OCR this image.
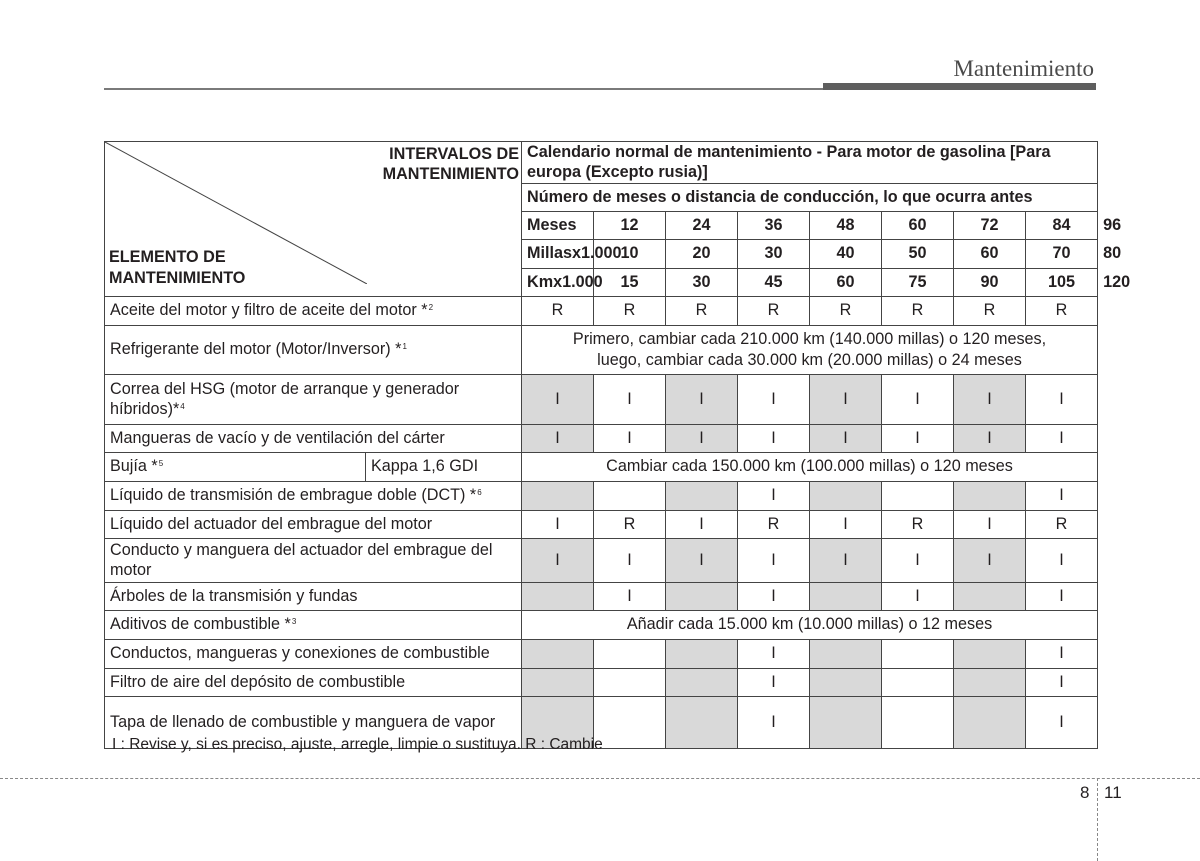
Mantenimiento
INTERVALOS DE MANTENIMIENTO
ELEMENTO DE MANTENIMIENTO		Calendario normal de mantenimiento - Para motor de gasolina [Para europa (Excepto rusia)]								
		Número de meses o distancia de conducción, lo que ocurra antes								
		Meses	12	24	36	48	60	72	84	96
		Millasx1.000	10	20	30	40	50	60	70	80
		Kmx1.000	15	30	45	60	75	90	105	120
Aceite del motor y filtro de aceite del motor *$^2$		R	R	R	R	R	R	R	R	
Refrigerante del motor (Motor/Inversor) *$^1$		Primero, cambiar cada 210.000 km (140.000 millas) o 120 meses,
luego, cambiar cada 30.000 km (20.000 millas) o 24 meses								

Correa del HSG (motor de arranque y generador híbridos)*$^4$		I	I	I	I	I	I	I	I	
Mangueras de vacío y de ventilación del cárter		I	I	I	I	I	I	I	I	
Bujía *$^5$	Kappa 1,6 GDI	Cambiar cada 150.000 km (100.000 millas) o 120 meses								
Líquido de transmisión de embrague doble (DCT) *$^6$					I				I	
Líquido del actuador del embrague del motor		I	R	I	R	I	R	I	R	
Conducto y manguera del actuador del embrague del motor		I	I	I	I	I	I	I	I	
Árboles de la transmisión y fundas			I		I		I		I	
Aditivos de combustible *$^3$		Añadir cada 15.000 km (10.000 millas) o 12 meses								
Conductos, mangueras y conexiones de combustible					I				I	
Filtro de aire del depósito de combustible					I				I	
Tapa de llenado de combustible y manguera de vapor					I				I	
I : Revise y, si es preciso, ajuste, arregle, limpie o sustituya. R : Cambie
8 11
